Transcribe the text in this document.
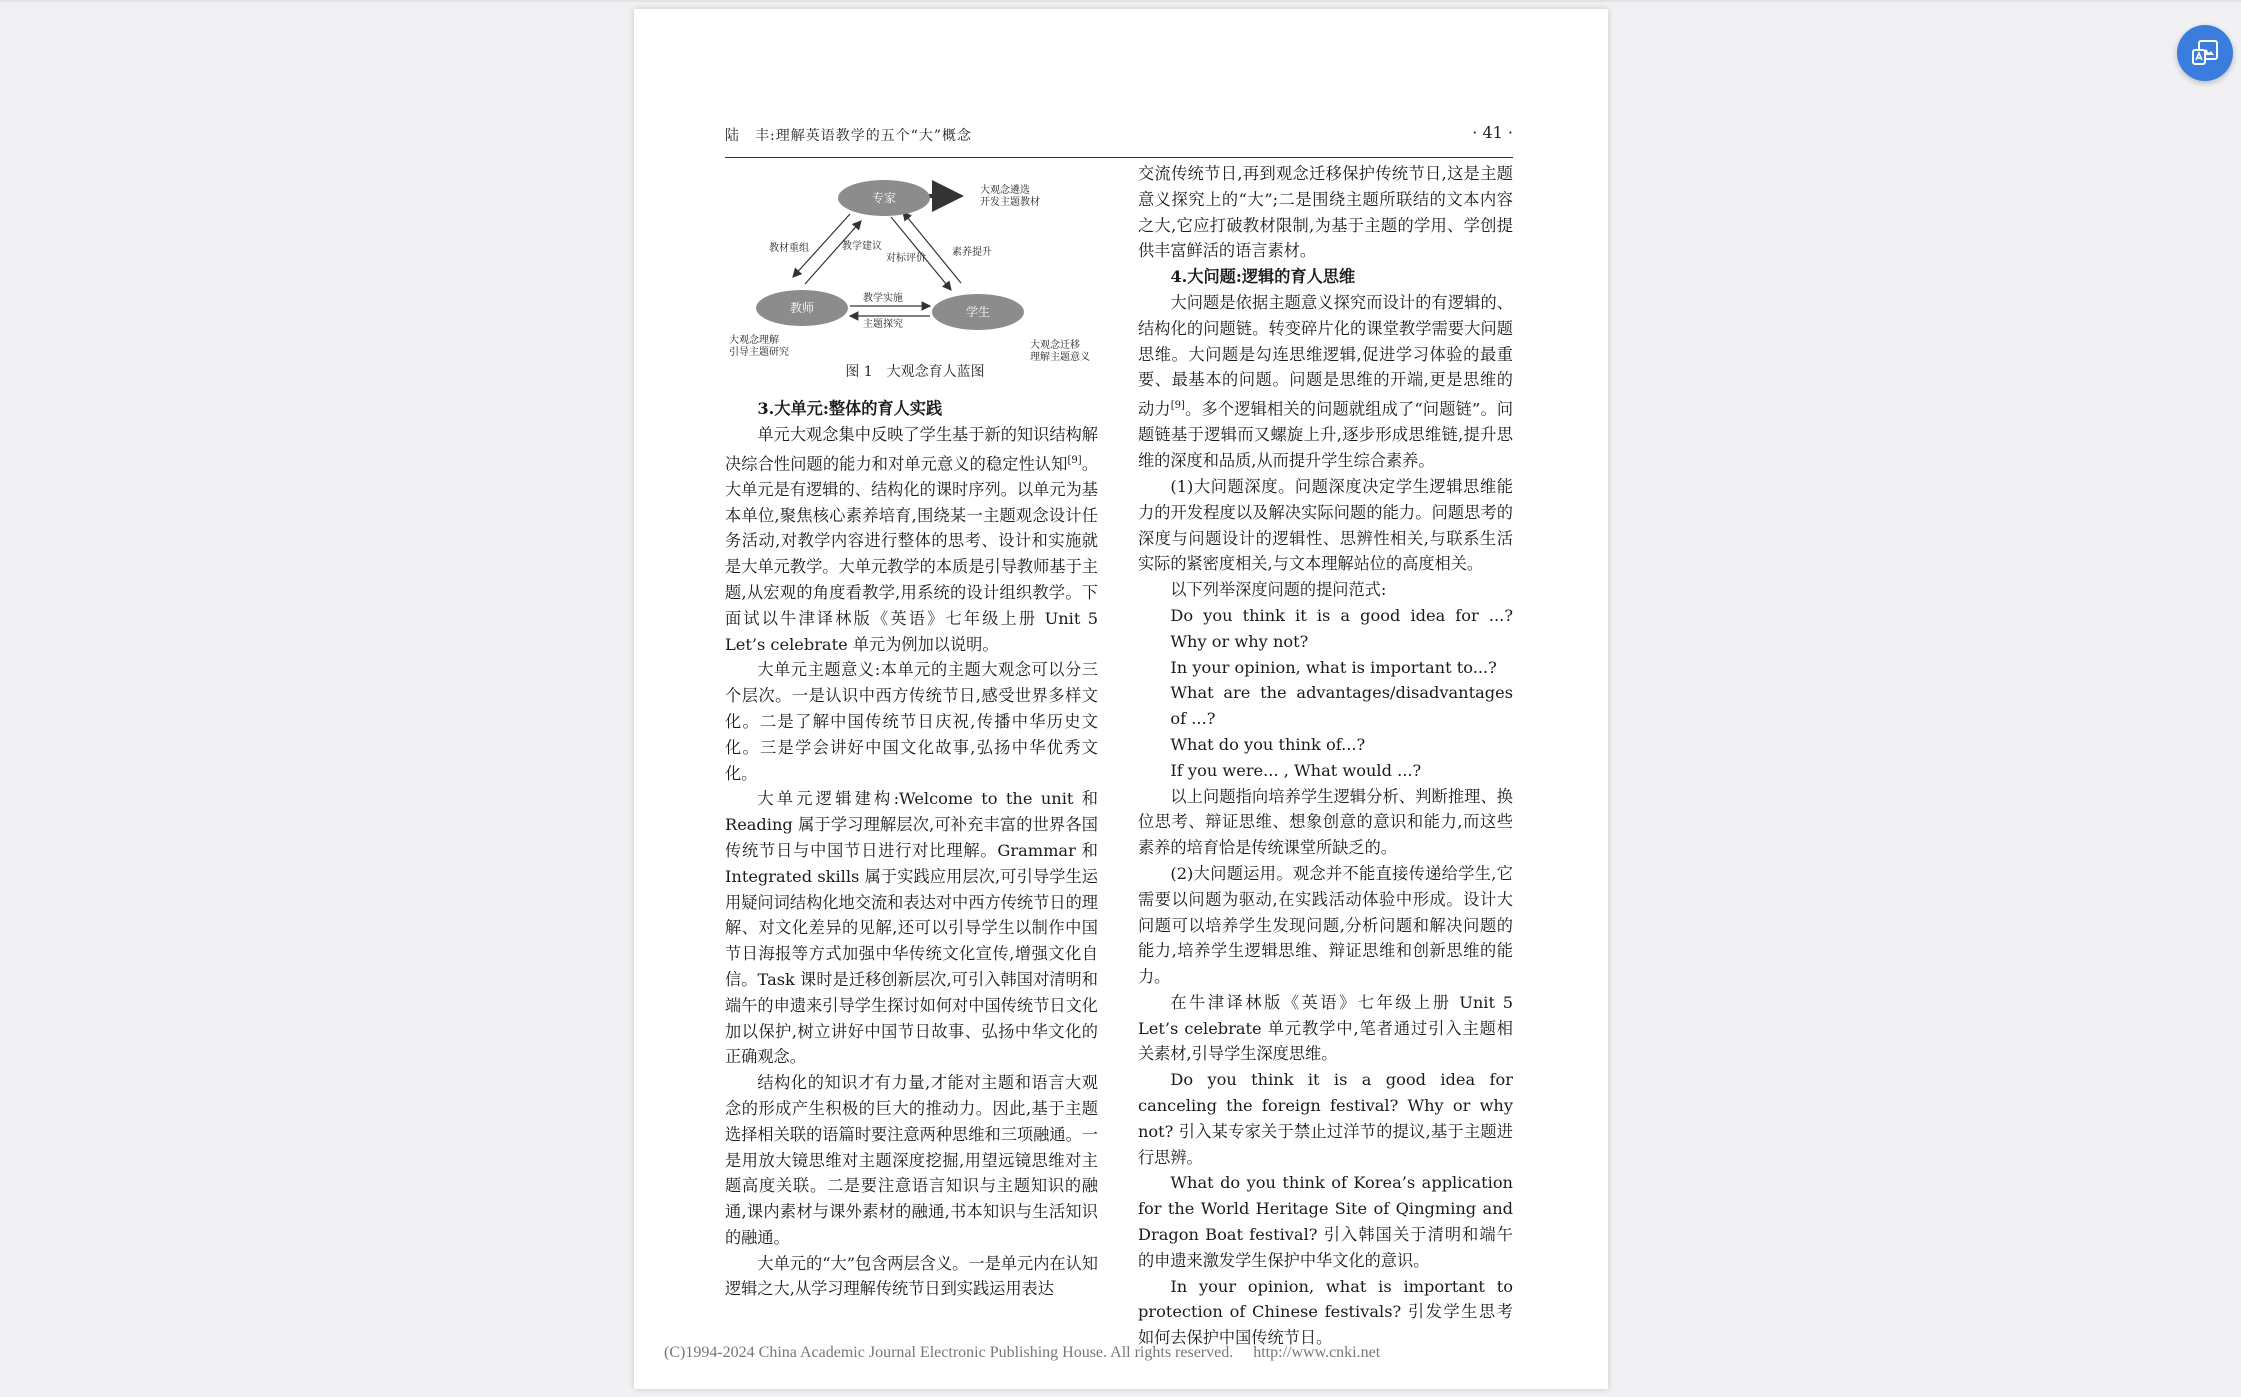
陆　丰:理解英语教学的五个“大”概念	· 41 ·
专家
教师	学生
大观念遴选
开发主题教材
教材重组	教学建议
对标评价
素养提升
教学实施
主题探究
大观念理解
引导主题研究
大观念迁移
理解主题意义
图 1　大观念育人蓝图

3.大单元:整体的育人实践

单元大观念集中反映了学生基于新的知识结构解决综合性问题的能力和对单元意义的稳定性认知[9]。大单元是有逻辑的、结构化的课时序列。以单元为基本单位,聚焦核心素养培育,围绕某一主题观念设计任务活动,对教学内容进行整体的思考、设计和实施就是大单元教学。大单元教学的本质是引导教师基于主题,从宏观的角度看教学,用系统的设计组织教学。下面试以牛津译林版《英语》七年级上册 Unit 5 Let’s celebrate 单元为例加以说明。

大单元主题意义:本单元的主题大观念可以分三个层次。一是认识中西方传统节日,感受世界多样文化。二是了解中国传统节日庆祝,传播中华历史文化。三是学会讲好中国文化故事,弘扬中华优秀文化。

大单元逻辑建构:Welcome to the unit 和 Reading 属于学习理解层次,可补充丰富的世界各国传统节日与中国节日进行对比理解。Grammar 和 Integrated skills 属于实践应用层次,可引导学生运用疑问词结构化地交流和表达对中西方传统节日的理解、对文化差异的见解,还可以引导学生以制作中国节日海报等方式加强中华传统文化宣传,增强文化自信。Task 课时是迁移创新层次,可引入韩国对清明和端午的申遗来引导学生探讨如何对中国传统节日文化加以保护,树立讲好中国节日故事、弘扬中华文化的正确观念。

结构化的知识才有力量,才能对主题和语言大观念的形成产生积极的巨大的推动力。因此,基于主题选择相关联的语篇时要注意两种思维和三项融通。一是用放大镜思维对主题深度挖掘,用望远镜思维对主题高度关联。二是要注意语言知识与主题知识的融通,课内素材与课外素材的融通,书本知识与生活知识的融通。

大单元的“大”包含两层含义。一是单元内在认知逻辑之大,从学习理解传统节日到实践运用表达

交流传统节日,再到观念迁移保护传统节日,这是主题意义探究上的“大”;二是围绕主题所联结的文本内容之大,它应打破教材限制,为基于主题的学用、学创提供丰富鲜活的语言素材。

4.大问题:逻辑的育人思维

大问题是依据主题意义探究而设计的有逻辑的、结构化的问题链。转变碎片化的课堂教学需要大问题思维。大问题是勾连思维逻辑,促进学习体验的最重要、最基本的问题。问题是思维的开端,更是思维的动力[9]。多个逻辑相关的问题就组成了“问题链”。问题链基于逻辑而又螺旋上升,逐步形成思维链,提升思维的深度和品质,从而提升学生综合素养。

(1)大问题深度。问题深度决定学生逻辑思维能力的开发程度以及解决实际问题的能力。问题思考的深度与问题设计的逻辑性、思辨性相关,与联系生活实际的紧密度相关,与文本理解站位的高度相关。

以下列举深度问题的提问范式:

Do you think it is a good idea for ...?　Why or why not?

In your opinion, what is important to...?

What are the advantages/disadvantages of ...?

What do you think of...?

If you were... , What would ...?

以上问题指向培养学生逻辑分析、判断推理、换位思考、辩证思维、想象创意的意识和能力,而这些素养的培育恰是传统课堂所缺乏的。

(2)大问题运用。观念并不能直接传递给学生,它需要以问题为驱动,在实践活动体验中形成。设计大问题可以培养学生发现问题,分析问题和解决问题的能力,培养学生逻辑思维、辩证思维和创新思维的能力。

在牛津译林版《英语》七年级上册 Unit 5 Let’s celebrate 单元教学中,笔者通过引入主题相关素材,引导学生深度思维。

Do you think it is a good idea for canceling the foreign festival? Why or why not? 引入某专家关于禁止过洋节的提议,基于主题进行思辨。

What do you think of Korea’s application for the World Heritage Site of Qingming and Dragon Boat festival? 引入韩国关于清明和端午的申遗来激发学生保护中华文化的意识。

In your opinion, what is important to protection of Chinese festivals? 引发学生思考如何去保护中国传统节日。

(C)1994-2024 China Academic Journal Electronic Publishing House. All rights reserved.　 http://www.cnki.net
